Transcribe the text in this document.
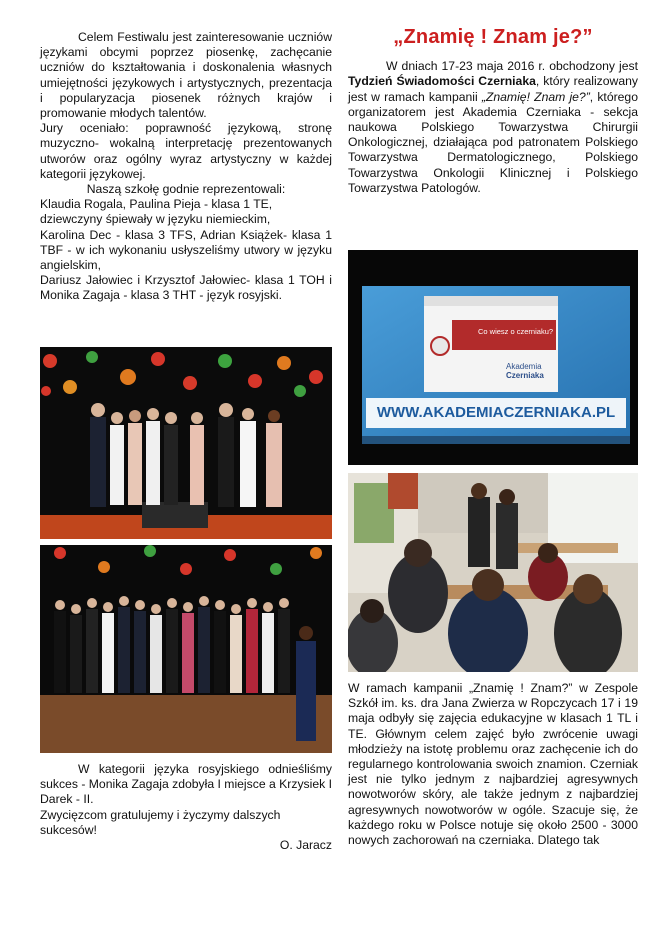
Celem Festiwalu jest zainteresowanie uczniów językami obcymi poprzez piosenkę, zachęcanie uczniów do kształtowania i doskonalenia własnych umiejętności językowych i artystycznych, prezentacja i popularyzacja piosenek różnych krajów i promowanie młodych talentów.

Jury oceniało: poprawność językową, stronę muzyczno- wokalną interpretację prezentowanych utworów oraz ogólny wyraz artystyczny w każdej kategorii językowej.

Naszą szkołę godnie reprezentowali:

Klaudia Rogala, Paulina Pieja - klasa 1 TE, dziewczyny śpiewały w języku niemieckim,

Karolina Dec - klasa 3 TFS, Adrian Książek- klasa 1 TBF - w ich wykonaniu usłyszeliśmy utwory w języku angielskim,

Dariusz Jałowiec i Krzysztof Jałowiec- klasa 1 TOH i Monika Zagaja - klasa 3 THT - język rosyjski.

W kategorii języka rosyjskiego odnieśliśmy sukces - Monika Zagaja zdobyła I miejsce a Krzysiek I Darek - II.

Zwycięzcom gratulujemy i życzymy dalszych sukcesów!

O. Jaracz

„Znamię ! Znam je?”

W dniach 17-23 maja 2016 r. obchodzony jest Tydzień Świadomości Czerniaka, który realizowany jest w ramach kampanii „Znamię! Znam je?”, którego organizatorem jest Akademia Czerniaka - sekcja naukowa Polskiego Towarzystwa Chirurgii Onkologicznej, działająca pod patronatem Polskiego Towarzystwa Dermatologicznego, Polskiego Towarzystwa Onkologii Klinicznej i Polskiego Towarzystwa Patologów.

Co wiesz o czerniaku?
Akademia
Czerniaka
WWW.AKADEMIACZERNIAKA.PL

W ramach kampanii „Znamię ! Znam?” w Zespole Szkół im. ks. dra Jana Zwierza w Ropczycach 17 i 19 maja odbyły się zajęcia edukacyjne w klasach 1 TL i TE. Głównym celem zajęć było zwrócenie uwagi młodzieży na istotę problemu oraz zachęcenie ich do regularnego kontrolowania swoich znamion. Czerniak jest nie tylko jednym z najbardziej agresywnych nowotworów skóry, ale także jednym z najbardziej agresywnych nowotworów w ogóle. Szacuje się, że każdego roku w Polsce notuje się około 2500 - 3000 nowych zachorowań na czerniaka. Dlatego tak
